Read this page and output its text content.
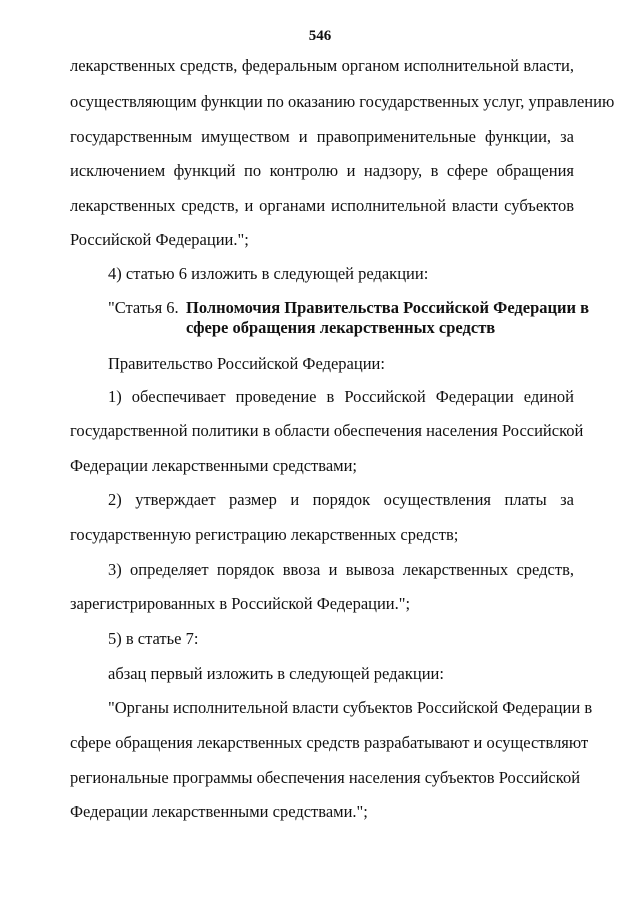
546
лекарственных средств, федеральным органом исполнительной власти,
осуществляющим функции по оказанию государственных услуг, управлению
государственным имуществом и правоприменительные функции, за
исключением функций по контролю и надзору, в сфере обращения
лекарственных средств, и органами исполнительной власти субъектов
Российской Федерации.";
4) статью 6 изложить в следующей редакции:
"Статья 6. Полномочия Правительства Российской Федерации в
сфере обращения лекарственных средств
Правительство Российской Федерации:
1) обеспечивает проведение в Российской Федерации единой
государственной политики в области обеспечения населения Российской
Федерации лекарственными средствами;
2) утверждает размер и порядок осуществления платы за
государственную регистрацию лекарственных средств;
3) определяет порядок ввоза и вывоза лекарственных средств,
зарегистрированных в Российской Федерации.";
5) в статье 7:
абзац первый изложить в следующей редакции:
"Органы исполнительной власти субъектов Российской Федерации в
сфере обращения лекарственных средств разрабатывают и осуществляют
региональные программы обеспечения населения субъектов Российской
Федерации лекарственными средствами.";
